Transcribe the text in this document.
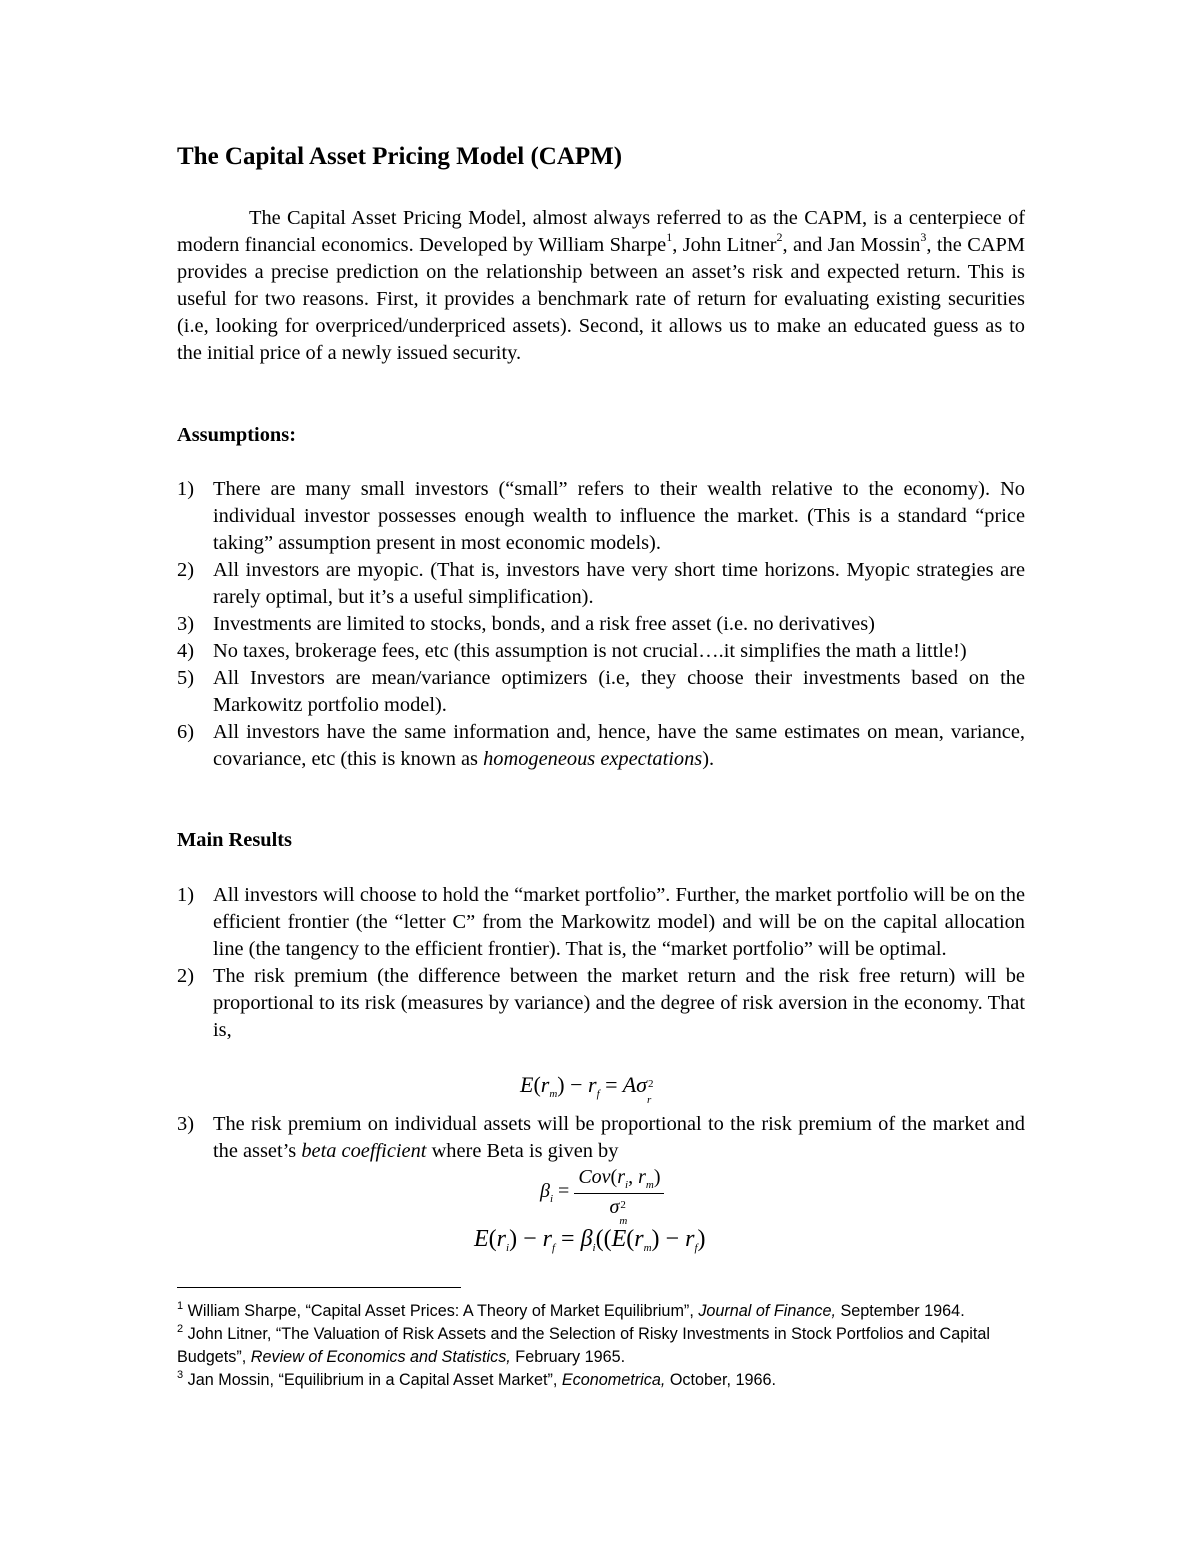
The Capital Asset Pricing Model (CAPM)
The Capital Asset Pricing Model, almost always referred to as the CAPM, is a centerpiece of modern financial economics. Developed by William Sharpe$^1$, John Litner$^2$, and Jan Mossin$^3$, the CAPM provides a precise prediction on the relationship between an asset’s risk and expected return. This is useful for two reasons. First, it provides a benchmark rate of return for evaluating existing securities (i.e, looking for overpriced/underpriced assets). Second, it allows us to make an educated guess as to the initial price of a newly issued security.
Assumptions:
1) There are many small investors (“small” refers to their wealth relative to the economy). No individual investor possesses enough wealth to influence the market. (This is a standard “price taking” assumption present in most economic models).
2) All investors are myopic. (That is, investors have very short time horizons. Myopic strategies are rarely optimal, but it’s a useful simplification).
3) Investments are limited to stocks, bonds, and a risk free asset (i.e. no derivatives)
4) No taxes, brokerage fees, etc (this assumption is not crucial….it simplifies the math a little!)
5) All Investors are mean/variance optimizers (i.e, they choose their investments based on the Markowitz portfolio model).
6) All investors have the same information and, hence, have the same estimates on mean, variance, covariance, etc (this is known as homogeneous expectations).
Main Results
1) All investors will choose to hold the “market portfolio”. Further, the market portfolio will be on the efficient frontier (the “letter C” from the Markowitz model) and will be on the capital allocation line (the tangency to the efficient frontier). That is, the “market portfolio” will be optimal.
2) The risk premium (the difference between the market return and the risk free return) will be proportional to its risk (measures by variance) and the degree of risk aversion in the economy. That is,
$E(r_m) - r_f = A\sigma$ 2
r
3) The risk premium on individual assets will be proportional to the risk premium of the market and the asset’s beta coefficient where Beta is given by
$\beta_i = Cov(r_i$, $r_m$)
σ 2
m
$E(r_i) - r_f = \beta_i((E(r_m) - r_f)$

$^1$ William Sharpe, “Capital Asset Prices: A Theory of Market Equilibrium”, Journal of Finance, September 1964.

$^2$ John Litner, “The Valuation of Risk Assets and the Selection of Risky Investments in Stock Portfolios and Capital Budgets”, Review of Economics and Statistics, February 1965.

$^3$ Jan Mossin, “Equilibrium in a Capital Asset Market”, Econometrica, October, 1966.
